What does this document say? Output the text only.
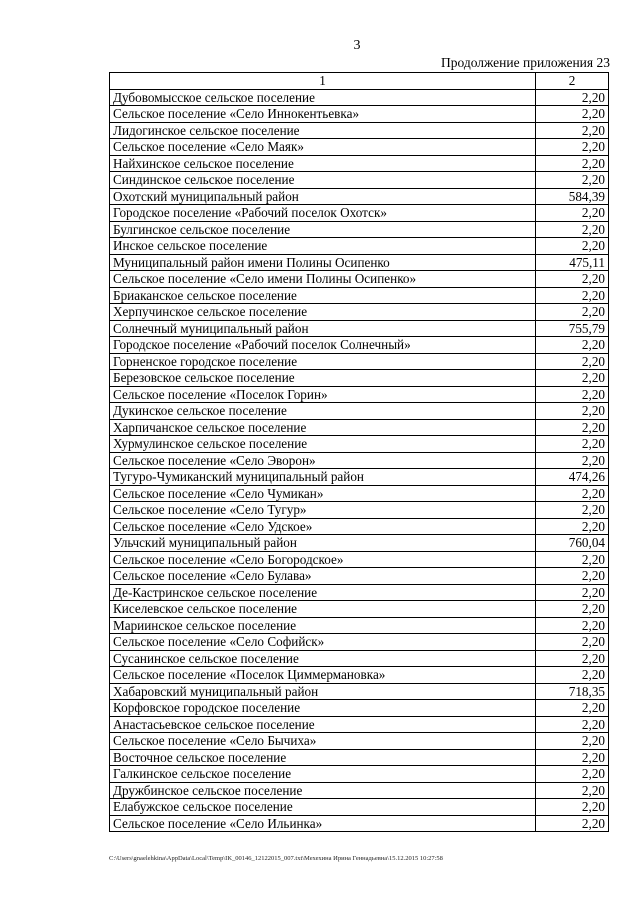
3
Продолжение приложения 23
1	2
Дубовомысское сельское поселение	2,20
Сельское поселение «Село Иннокентьевка»	2,20
Лидогинское сельское поселение	2,20
Сельское поселение «Село Маяк»	2,20
Найхинское сельское поселение	2,20
Синдинское сельское поселение	2,20
Охотский муниципальный район	584,39
Городское поселение «Рабочий поселок Охотск»	2,20
Булгинское сельское поселение	2,20
Инское сельское поселение	2,20
Муниципальный район имени Полины Осипенко	475,11
Сельское поселение «Село имени Полины Осипенко»	2,20
Бриаканское сельское поселение	2,20
Херпучинское сельское поселение	2,20
Солнечный муниципальный район	755,79
Городское поселение «Рабочий поселок Солнечный»	2,20
Горненское городское поселение	2,20
Березовское сельское поселение	2,20
Сельское поселение «Поселок Горин»	2,20
Дукинское сельское поселение	2,20
Харпичанское сельское поселение	2,20
Хурмулинское сельское поселение	2,20
Сельское поселение «Село Эворон»	2,20
Тугуро-Чумиканский муниципальный район	474,26
Сельское поселение «Село Чумикан»	2,20
Сельское поселение «Село Тугур»	2,20
Сельское поселение «Село Удское»	2,20
Ульчский муниципальный район	760,04
Сельское поселение «Село Богородское»	2,20
Сельское поселение «Село Булава»	2,20
Де-Кастринское сельское поселение	2,20
Киселевское сельское поселение	2,20
Мариинское сельское поселение	2,20
Сельское поселение «Село Софийск»	2,20
Сусанинское сельское поселение	2,20
Сельское поселение «Поселок Циммермановка»	2,20
Хабаровский муниципальный район	718,35
Корфовское городское поселение	2,20
Анастасьевское сельское поселение	2,20
Сельское поселение «Село Бычиха»	2,20
Восточное сельское поселение	2,20
Галкинское сельское поселение	2,20
Дружбинское сельское поселение	2,20
Елабужское сельское поселение	2,20
Сельское поселение «Село Ильинка»	2,20
C:\Users\gnaelehkina\AppData\Local\Temp\IK_00146_12122015_007.txt\Мехехина Ирина Геннадьевна\15.12.2015 10:27:58
